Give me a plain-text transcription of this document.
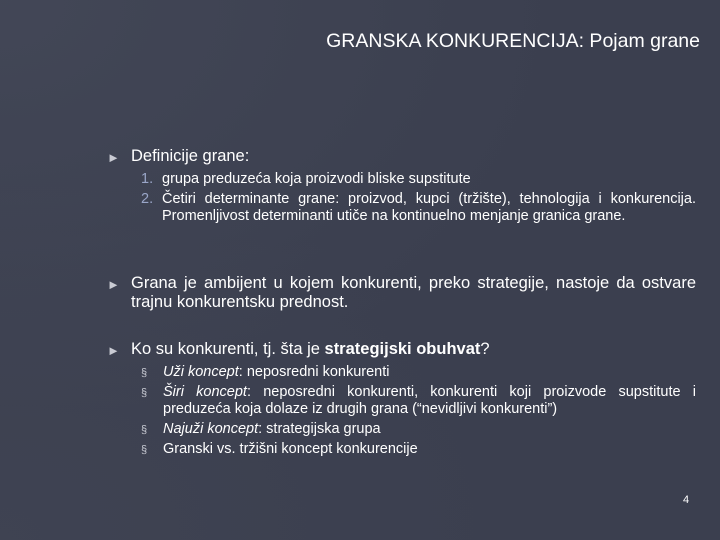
GRANSKA KONKURENCIJA: Pojam grane
► Definicije grane:
1. grupa preduzeća koja proizvodi bliske supstitute
2. Četiri determinante grane: proizvod, kupci (tržište), tehnologija i konkurencija. Promenljivost determinanti utiče na kontinuelno menjanje granica grane.
► Grana je ambijent u kojem konkurenti, preko strategije, nastoje da ostvare trajnu konkurentsku prednost.
► Ko su konkurenti, tj. šta je strategijski obuhvat?
§ Uži koncept: neposredni konkurenti
§ Širi koncept: neposredni konkurenti, konkurenti koji proizvode supstitute i preduzeća koja dolaze iz drugih grana (“nevidljivi konkurenti”)
§ Najuži koncept: strategijska grupa
§ Granski vs. tržišni koncept konkurencije
4
